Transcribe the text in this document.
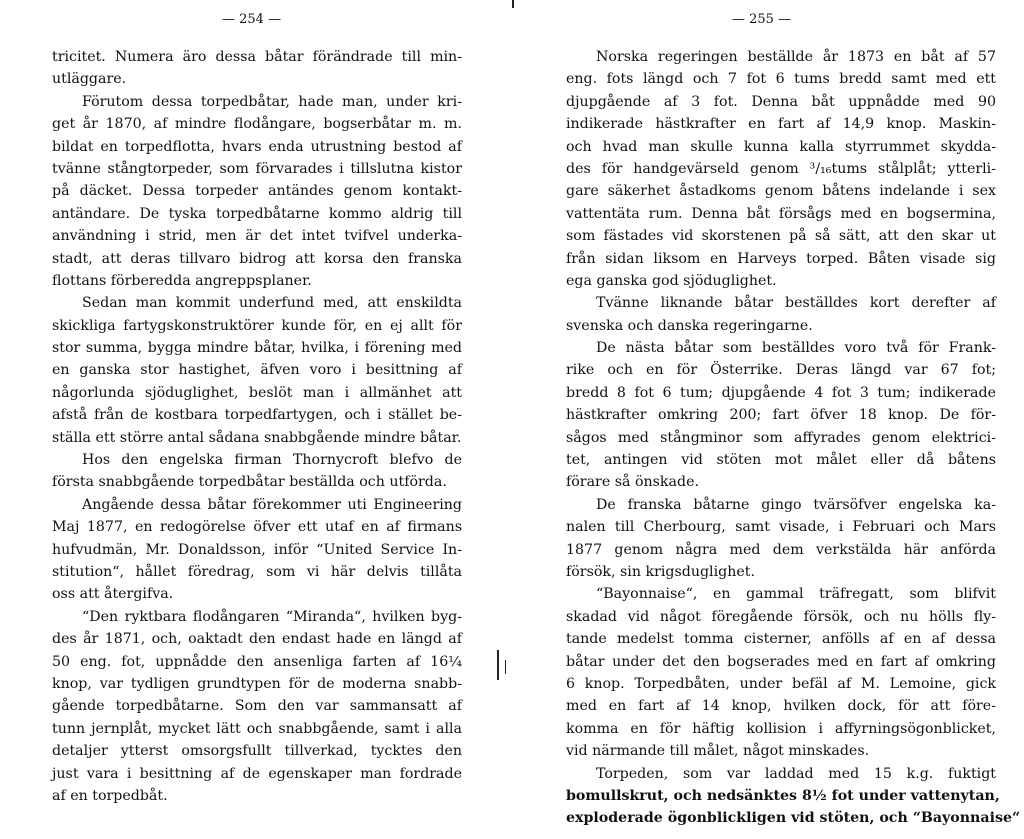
— 254 —
tricitet. Numera äro dessa båtar förändrade till min-
utläggare.
Förutom dessa torpedbåtar, hade man, under kri-
get år 1870, af mindre flodångare, bogserbåtar m. m.
bildat en torpedflotta, hvars enda utrustning bestod af
tvänne stångtorpeder, som förvarades i tillslutna kistor
på däcket. Dessa torpeder antändes genom kontakt-
antändare. De tyska torpedbåtarne kommo aldrig till
användning i strid, men är det intet tvifvel underka-
stadt, att deras tillvaro bidrog att korsa den franska
flottans förberedda angreppsplaner.
Sedan man kommit underfund med, att enskildta
skickliga fartygskonstruktörer kunde för, en ej allt för
stor summa, bygga mindre båtar, hvilka, i förening med
en ganska stor hastighet, äfven voro i besittning af
någorlunda sjöduglighet, beslöt man i allmänhet att
afstå från de kostbara torpedfartygen, och i stället be-
ställa ett större antal sådana snabbgående mindre båtar.
Hos den engelska firman Thornycroft blefvo de
första snabbgående torpedbåtar beställda och utförda.
Angående dessa båtar förekommer uti Engineering
Maj 1877, en redogörelse öfver ett utaf en af firmans
hufvudmän, Mr. Donaldsson, inför “United Service In-
stitution“, hållet föredrag, som vi här delvis tillåta
oss att återgifva.
“Den ryktbara flodångaren “Miranda“, hvilken byg-
des år 1871, och, oaktadt den endast hade en längd af
50 eng. fot, uppnådde den ansenliga farten af 16¼
knop, var tydligen grundtypen för de moderna snabb-
gående torpedbåtarne. Som den var sammansatt af
tunn jernplåt, mycket lätt och snabbgående, samt i alla
detaljer ytterst omsorgsfullt tillverkad, tycktes den
just vara i besittning af de egenskaper man fordrade
af en torpedbåt.
— 255 —
Norska regeringen beställde år 1873 en båt af 57
eng. fots längd och 7 fot 6 tums bredd samt med ett
djupgående af 3 fot. Denna båt uppnådde med 90
indikerade hästkrafter en fart af 14,9 knop. Maskin-
och hvad man skulle kunna kalla styrrummet skydda-
des för handgevärseld genom ³/₁₆tums stålplåt; ytterli-
gare säkerhet åstadkoms genom båtens indelande i sex
vattentäta rum. Denna båt försågs med en bogsermina,
som fästades vid skorstenen på så sätt, att den skar ut
från sidan liksom en Harveys torped. Båten visade sig
ega ganska god sjöduglighet.
Tvänne liknande båtar beställdes kort derefter af
svenska och danska regeringarne.
De nästa båtar som beställdes voro två för Frank-
rike och en för Österrike. Deras längd var 67 fot;
bredd 8 fot 6 tum; djupgående 4 fot 3 tum; indikerade
hästkrafter omkring 200; fart öfver 18 knop. De för-
sågos med stångminor som affyrades genom elektrici-
tet, antingen vid stöten mot målet eller då båtens
förare så önskade.
De franska båtarne gingo tvärsöfver engelska ka-
nalen till Cherbourg, samt visade, i Februari och Mars
1877 genom några med dem verkstälda här anförda
försök, sin krigsduglighet.
“Bayonnaise“, en gammal träfregatt, som blifvit
skadad vid något föregående försök, och nu hölls fly-
tande medelst tomma cisterner, anfölls af en af dessa
båtar under det den bogserades med en fart af omkring
6 knop. Torpedbåten, under befäl af M. Lemoine, gick
med en fart af 14 knop, hvilken dock, för att före-
komma en för häftig kollision i affyrningsögonblicket,
vid närmande till målet, något minskades.
Torpeden, som var laddad med 15 k.g. fuktigt
bomullskrut, och nedsänktes 8½ fot under vattenytan,
exploderade ögonblickligen vid stöten, och “Bayonnaise“
